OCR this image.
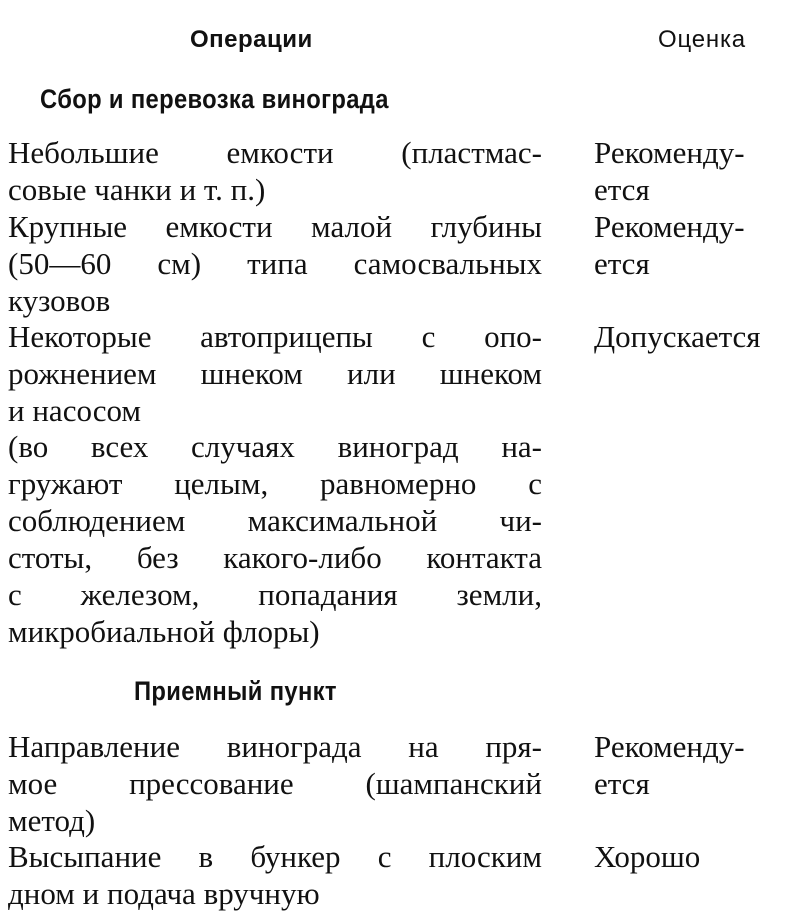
Операции	Оценка
Сбор и перевозка винограда
Небольшие емкости (пластмас-
совые чанки и т. п.)
Рекоменду-
ется
Крупные емкости малой глубины
(50—60 см) типа самосвальных
кузовов
Рекоменду-
ется
Некоторые автоприцепы с опо-
рожнением шнеком или шнеком
и насосом
Допускается
(во всех случаях виноград на-
гружают целым, равномерно с
соблюдением максимальной чи-
стоты, без какого-либо контакта
с железом, попадания земли,
микробиальной флоры)
Приемный пункт
Направление винограда на пря-
мое прессование (шампанский
метод)
Рекоменду-
ется
Высыпание в бункер с плоским
дном и подача вручную
Хорошо
